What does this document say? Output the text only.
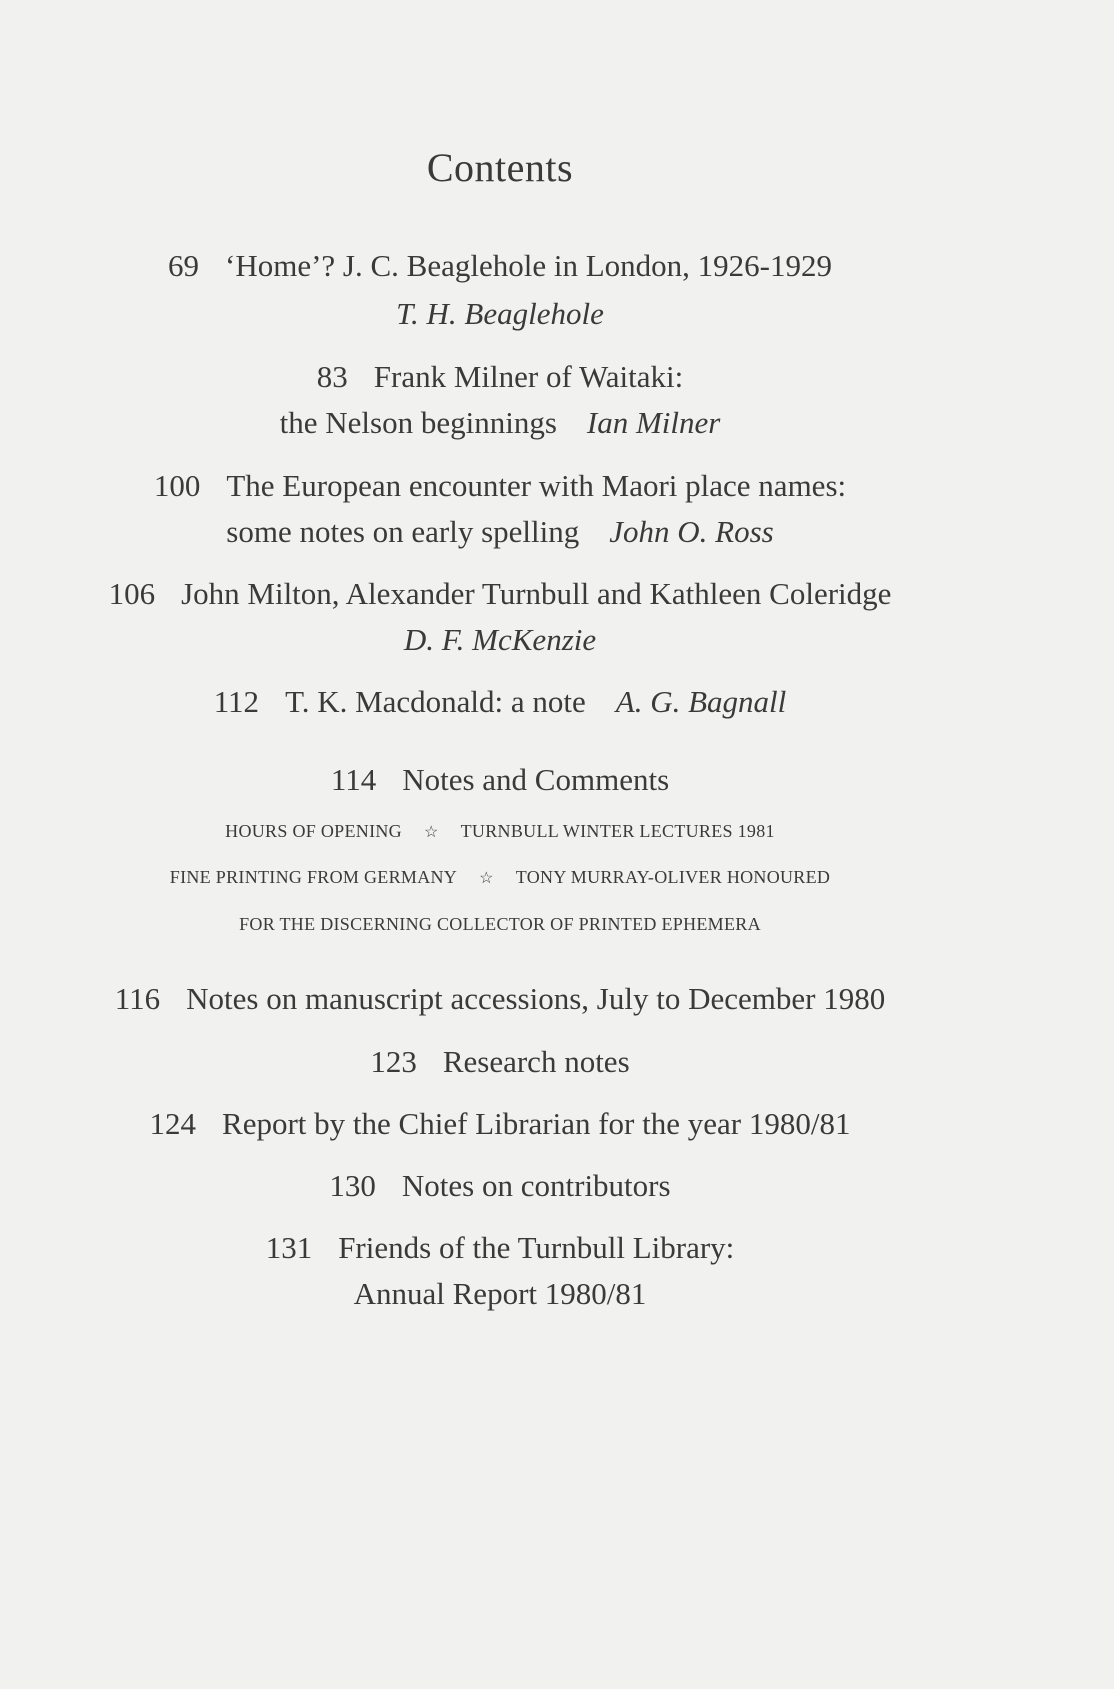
Contents
69 ‘Home’? J. C. Beaglehole in London, 1926-1929
T. H. Beaglehole
83 Frank Milner of Waitaki:
the Nelson beginnings Ian Milner
100 The European encounter with Maori place names:
some notes on early spelling John O. Ross
106 John Milton, Alexander Turnbull and Kathleen Coleridge
D. F. McKenzie
112 T. K. Macdonald: a note A. G. Bagnall
114 Notes and Comments
HOURS OF OPENING ☆ TURNBULL WINTER LECTURES 1981
FINE PRINTING FROM GERMANY ☆ TONY MURRAY-OLIVER HONOURED
FOR THE DISCERNING COLLECTOR OF PRINTED EPHEMERA
116 Notes on manuscript accessions, July to December 1980
123 Research notes
124 Report by the Chief Librarian for the year 1980/81
130 Notes on contributors
131 Friends of the Turnbull Library:
Annual Report 1980/81
